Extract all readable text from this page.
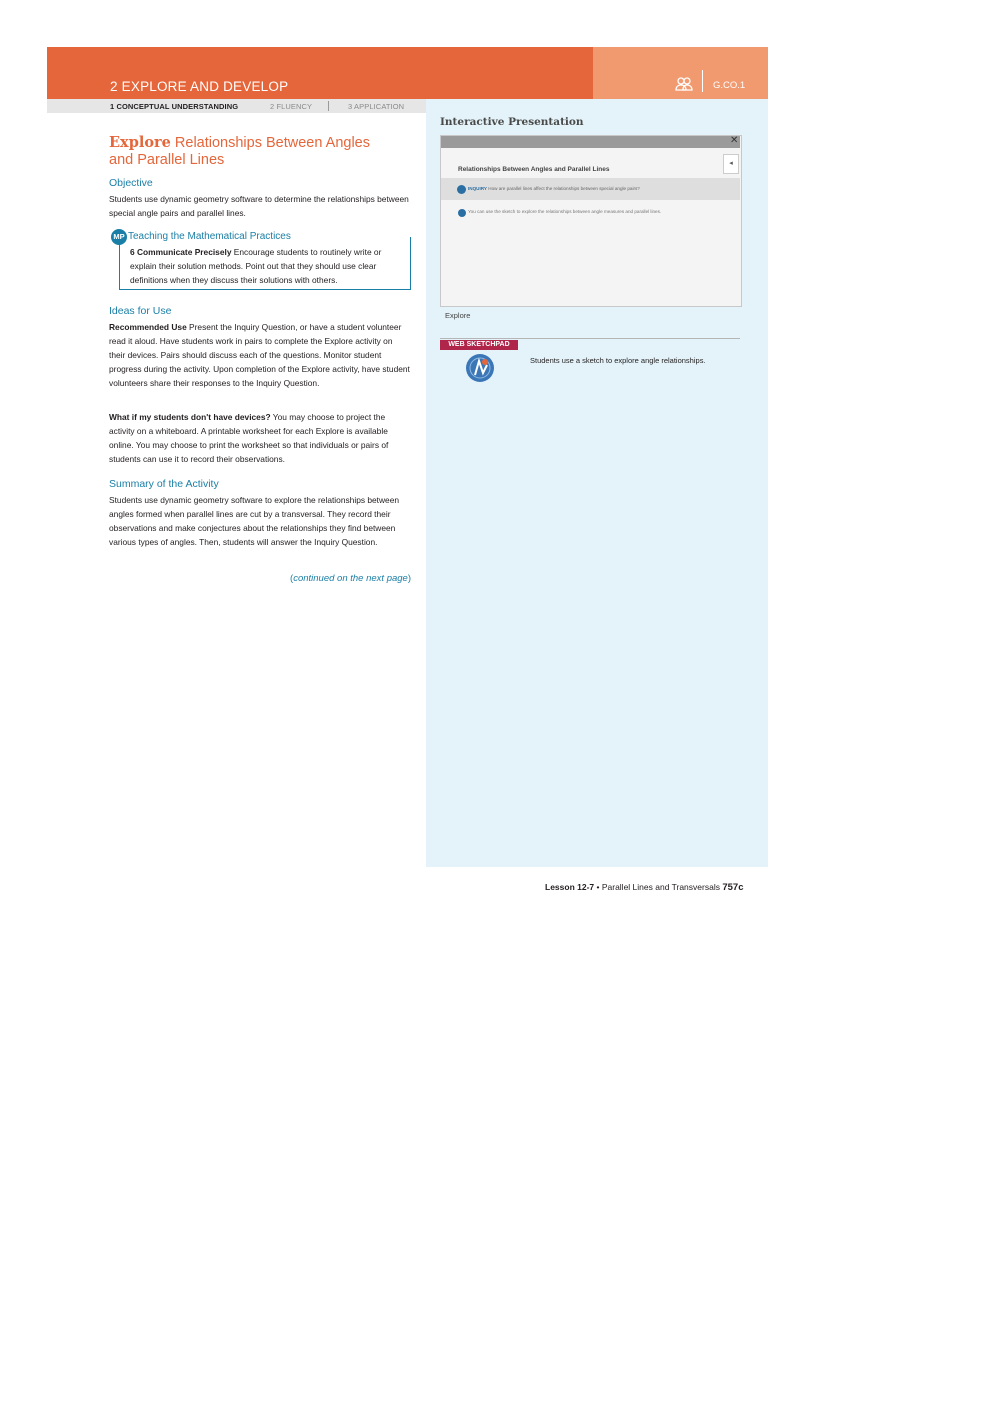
2 EXPLORE AND DEVELOP	G.CO.1
1 CONCEPTUAL UNDERSTANDING	2 FLUENCY	3 APPLICATION
Explore Relationships Between Angles
and Parallel Lines
Objective
Students use dynamic geometry software to determine the relationships between special angle pairs and parallel lines.
MP Teaching the Mathematical Practices
6 Communicate Precisely Encourage students to routinely write or explain their solution methods. Point out that they should use clear definitions when they discuss their solutions with others.
Ideas for Use
Recommended Use Present the Inquiry Question, or have a student volunteer read it aloud. Have students work in pairs to complete the Explore activity on their devices. Pairs should discuss each of the questions. Monitor student progress during the activity. Upon completion of the Explore activity, have student volunteers share their responses to the Inquiry Question.
What if my students don't have devices? You may choose to project the activity on a whiteboard. A printable worksheet for each Explore is available online. You may choose to print the worksheet so that individuals or pairs of students can use it to record their observations.
Summary of the Activity
Students use dynamic geometry software to explore the relationships between angles formed when parallel lines are cut by a transversal. They record their observations and make conjectures about the relationships they find between various types of angles. Then, students will answer the Inquiry Question.
(continued on the next page)
Interactive Presentation
✕
◂
Relationships Between Angles and Parallel Lines
INQUIRY How are parallel lines affect the relationships between special angle pairs?
You can use the sketch to explore the relationships between angle measures and parallel lines.
Explore
WEB SKETCHPAD
Students use a sketch to explore angle relationships.
Lesson 12-7 • Parallel Lines and Transversals 757c
